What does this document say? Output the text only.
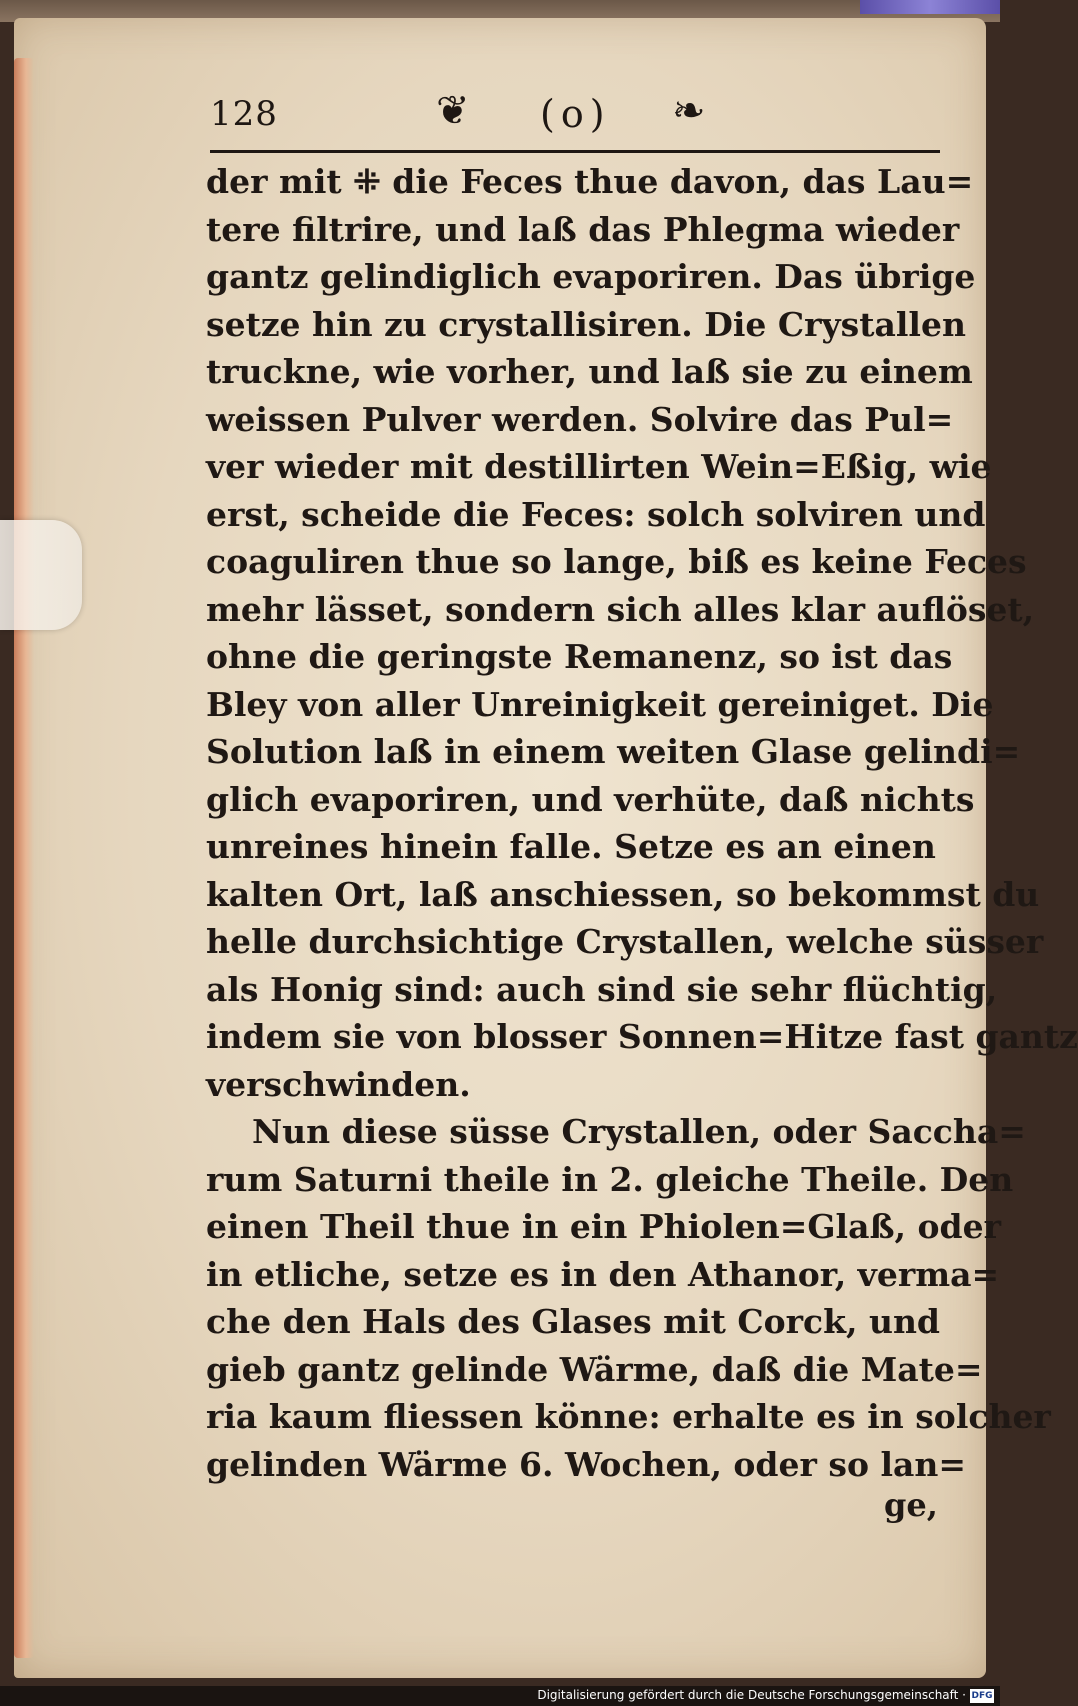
128	❦ (o) ❧
der mit ⁜ die Feces thue davon, das Lau=
tere filtrire, und laß das Phlegma wieder
gantz gelindiglich evaporiren. Das übrige
setze hin zu crystallisiren. Die Crystallen
truckne, wie vorher, und laß sie zu einem
weissen Pulver werden. Solvire das Pul=
ver wieder mit destillirten Wein=Eßig, wie
erst, scheide die Feces: solch solviren und
coaguliren thue so lange, biß es keine Feces
mehr lässet, sondern sich alles klar auflöset,
ohne die geringste Remanenz, so ist das
Bley von aller Unreinigkeit gereiniget. Die
Solution laß in einem weiten Glase gelindi=
glich evaporiren, und verhüte, daß nichts
unreines hinein falle. Setze es an einen
kalten Ort, laß anschiessen, so bekommst du
helle durchsichtige Crystallen, welche süsser
als Honig sind: auch sind sie sehr flüchtig,
indem sie von blosser Sonnen=Hitze fast gantz
verschwinden.
Nun diese süsse Crystallen, oder Saccha=
rum Saturni theile in 2. gleiche Theile. Den
einen Theil thue in ein Phiolen=Glaß, oder
in etliche, setze es in den Athanor, verma=
che den Hals des Glases mit Corck, und
gieb gantz gelinde Wärme, daß die Mate=
ria kaum fliessen könne: erhalte es in solcher
gelinden Wärme 6. Wochen, oder so lan=
ge,
Digitalisierung gefördert durch die Deutsche Forschungsgemeinschaft · DFG
